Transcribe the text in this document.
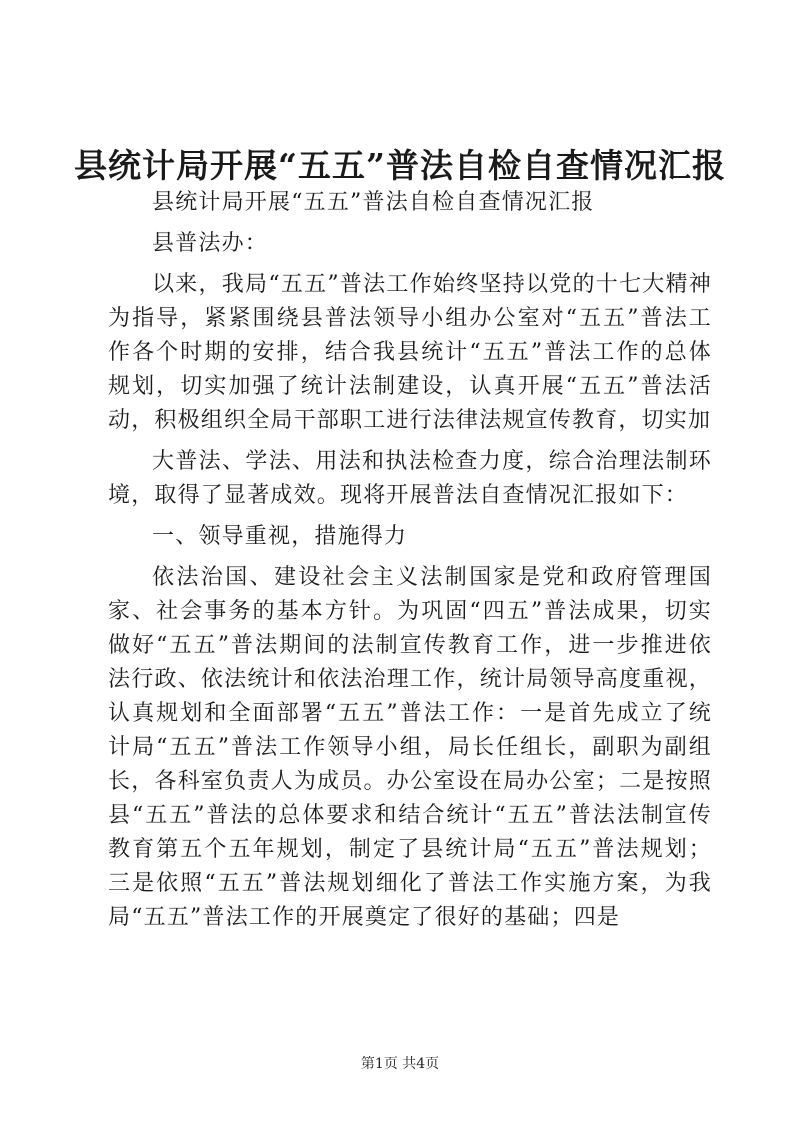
县统计局开展“五五”普法自检自查情况汇报

县统计局开展“五五”普法自检自查情况汇报

县普法办：

以来，我局“五五”普法工作始终坚持以党的十七大精神为指导，紧紧围绕县普法领导小组办公室对“五五”普法工作各个时期的安排，结合我县统计“五五”普法工作的总体规划，切实加强了统计法制建设，认真开展“五五”普法活动，积极组织全局干部职工进行法律法规宣传教育，切实加

大普法、学法、用法和执法检查力度，综合治理法制环境，取得了显著成效。现将开展普法自查情况汇报如下：

一、领导重视，措施得力

依法治国、建设社会主义法制国家是党和政府管理国家、社会事务的基本方针。为巩固“四五”普法成果，切实做好“五五”普法期间的法制宣传教育工作，进一步推进依法行政、依法统计和依法治理工作，统计局领导高度重视，认真规划和全面部署“五五”普法工作：一是首先成立了统计局“五五”普法工作领导小组，局长任组长，副职为副组长，各科室负责人为成员。办公室设在局办公室；二是按照县“五五”普法的总体要求和结合统计“五五”普法法制宣传教育第五个五年规划，制定了县统计局“五五”普法规划；三是依照“五五”普法规划细化了普法工作实施方案，为我局“五五”普法工作的开展奠定了很好的基础；四是

第1页 共4页
